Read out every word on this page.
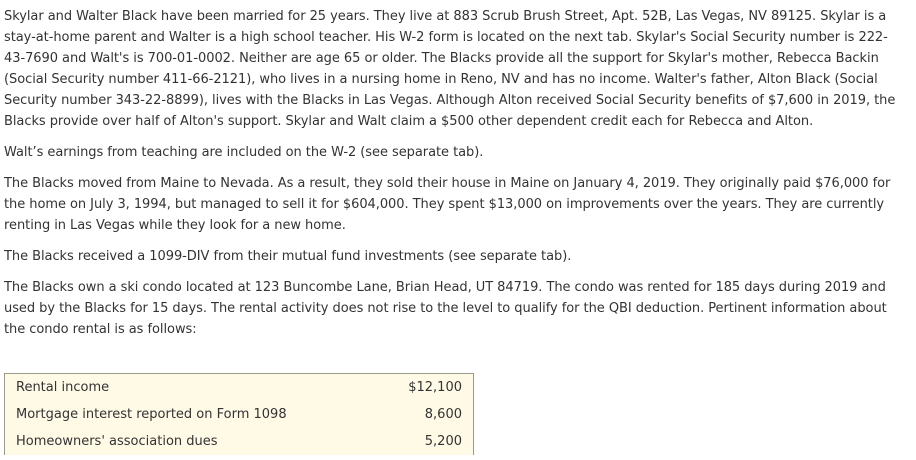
Skylar and Walter Black have been married for 25 years. They live at 883 Scrub Brush Street, Apt. 52B, Las Vegas, NV 89125. Skylar is a stay-at-home parent and Walter is a high school teacher. His W-2 form is located on the next tab. Skylar's Social Security number is 222-43-7690 and Walt's is 700-01-0002. Neither are age 65 or older. The Blacks provide all the support for Skylar's mother, Rebecca Backin (Social Security number 411-66-2121), who lives in a nursing home in Reno, NV and has no income. Walter's father, Alton Black (Social Security number 343-22-8899), lives with the Blacks in Las Vegas. Although Alton received Social Security benefits of $7,600 in 2019, the Blacks provide over half of Alton's support. Skylar and Walt claim a $500 other dependent credit each for Rebecca and Alton.

Walt’s earnings from teaching are included on the W-2 (see separate tab).

The Blacks moved from Maine to Nevada. As a result, they sold their house in Maine on January 4, 2019. They originally paid $76,000 for the home on July 3, 1994, but managed to sell it for $604,000. They spent $13,000 on improvements over the years. They are currently renting in Las Vegas while they look for a new home.

The Blacks received a 1099-DIV from their mutual fund investments (see separate tab).

The Blacks own a ski condo located at 123 Buncombe Lane, Brian Head, UT 84719. The condo was rented for 185 days during 2019 and used by the Blacks for 15 days. The rental activity does not rise to the level to qualify for the QBI deduction. Pertinent information about the condo rental is as follows:

Rental income	$12,100
Mortgage interest reported on Form 1098	8,600
Homeowners' association dues	5,200
